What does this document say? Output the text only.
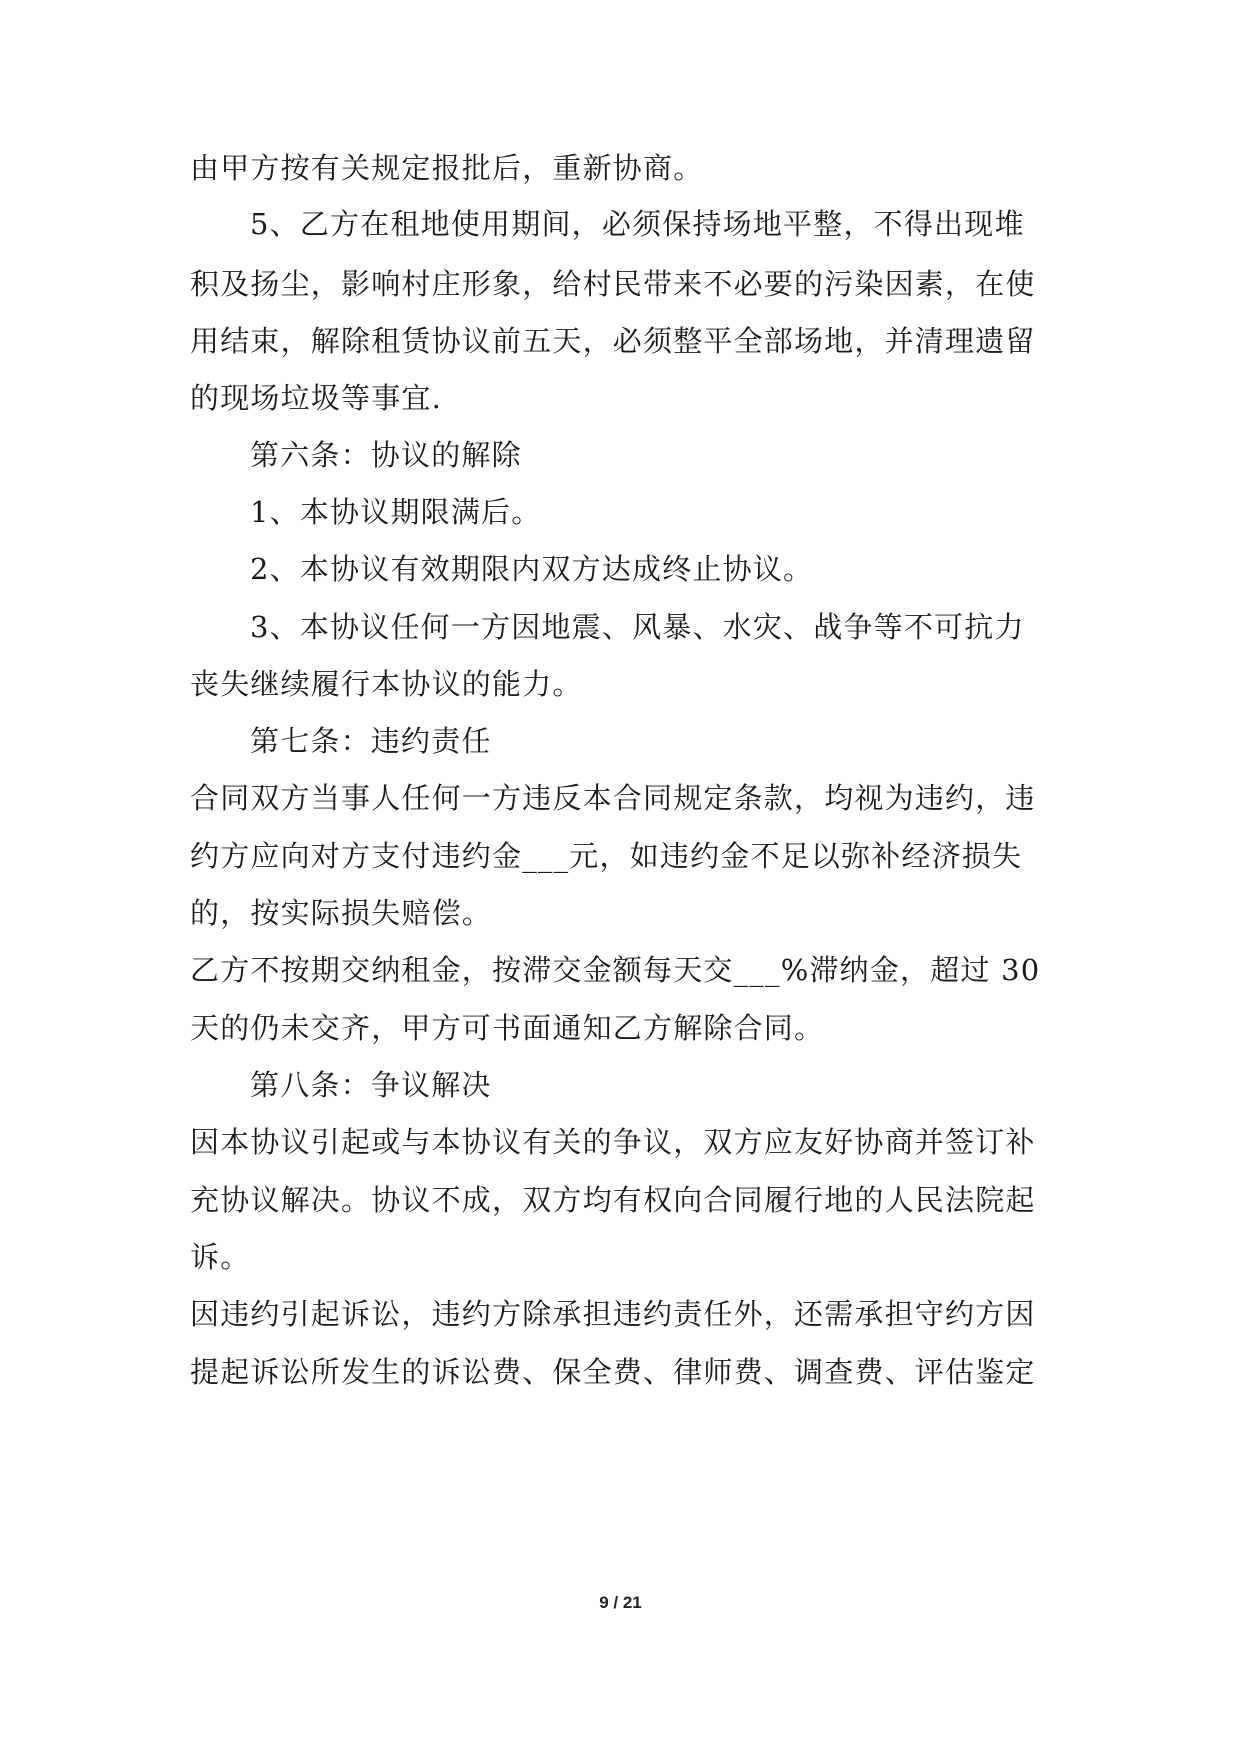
由甲方按有关规定报批后，重新协商。
5、乙方在租地使用期间，必须保持场地平整，不得出现堆
积及扬尘，影响村庄形象，给村民带来不必要的污染因素，在使
用结束，解除租赁协议前五天，必须整平全部场地，并清理遗留
的现场垃圾等事宜.
第六条：协议的解除
1、本协议期限满后。
2、本协议有效期限内双方达成终止协议。
3、本协议任何一方因地震、风暴、水灾、战争等不可抗力
丧失继续履行本协议的能力。
第七条：违约责任
合同双方当事人任何一方违反本合同规定条款，均视为违约，违
约方应向对方支付违约金___元，如违约金不足以弥补经济损失
的，按实际损失赔偿。
乙方不按期交纳租金，按滞交金额每天交___%滞纳金，超过 30
天的仍未交齐，甲方可书面通知乙方解除合同。
第八条：争议解决
因本协议引起或与本协议有关的争议，双方应友好协商并签订补
充协议解决。协议不成，双方均有权向合同履行地的人民法院起
诉。
因违约引起诉讼，违约方除承担违约责任外，还需承担守约方因
提起诉讼所发生的诉讼费、保全费、律师费、调查费、评估鉴定
9 / 21
